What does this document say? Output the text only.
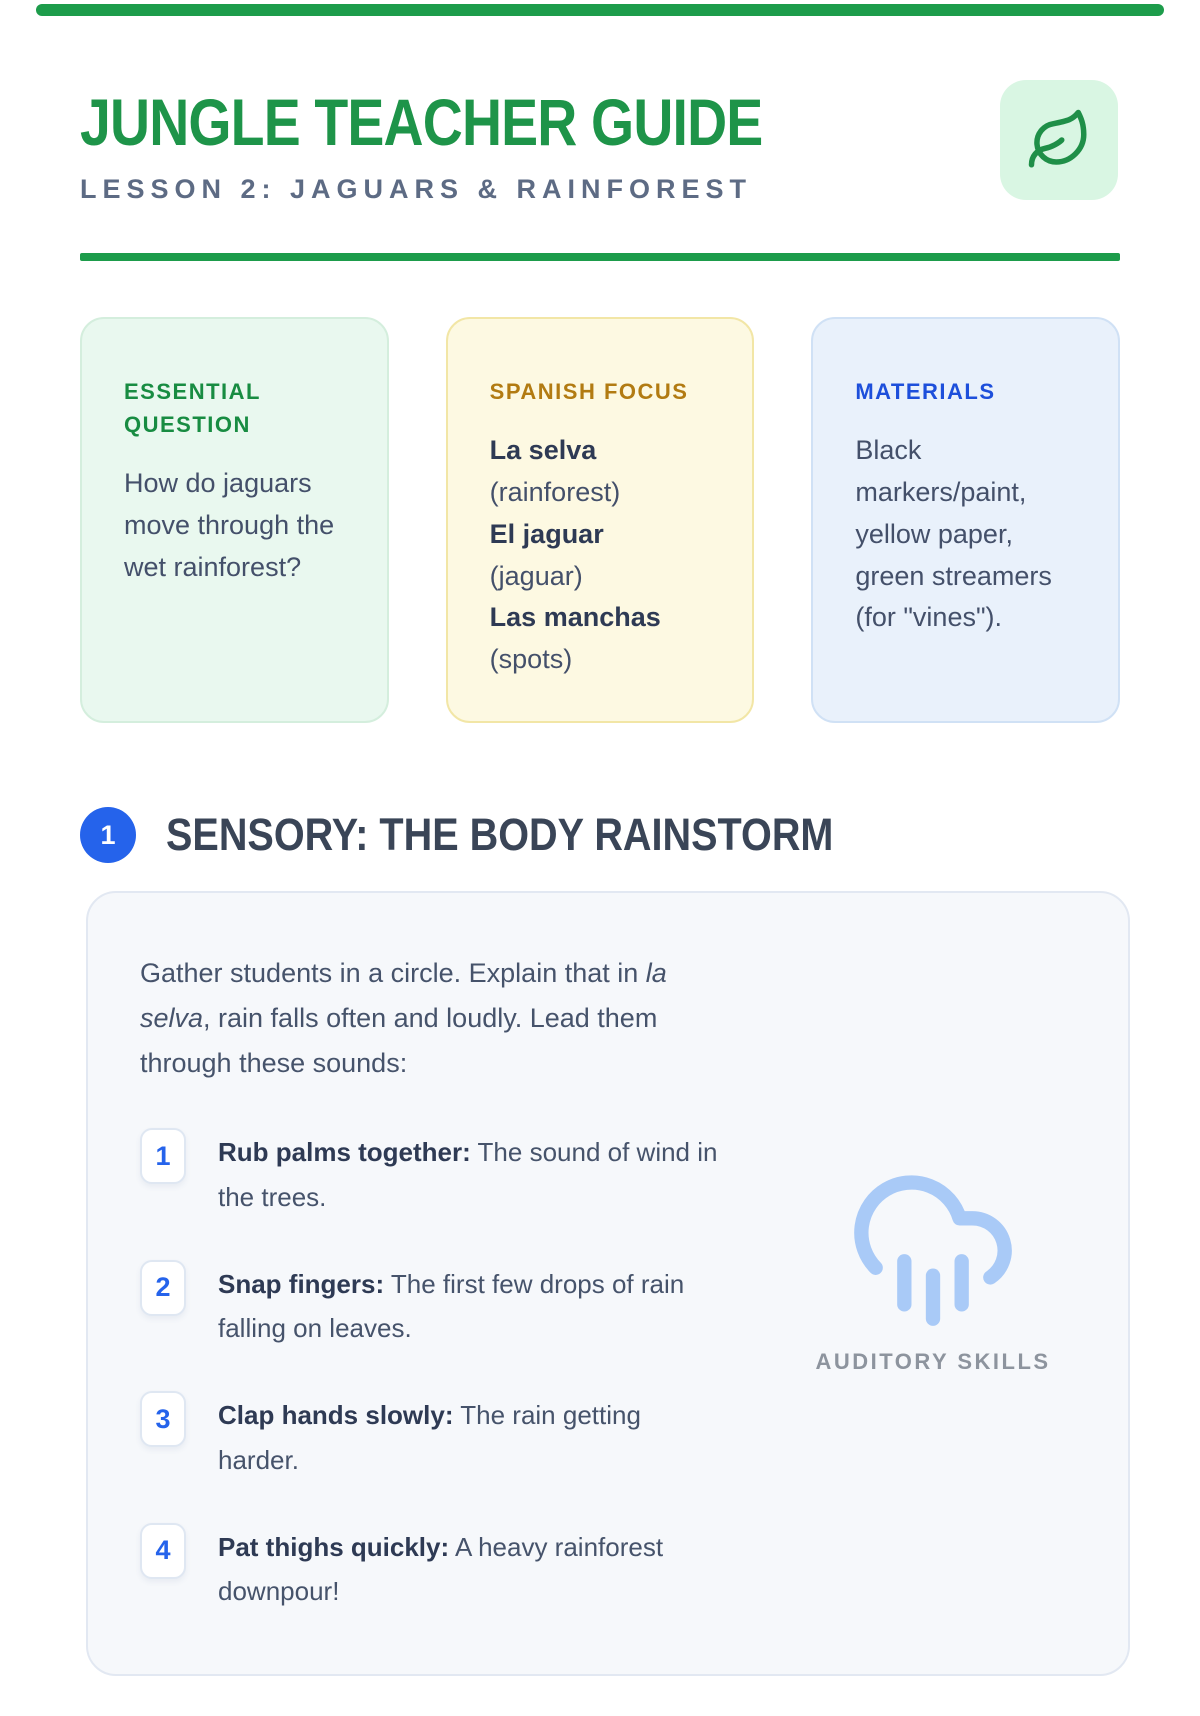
JUNGLE TEACHER GUIDE
LESSON 2: JAGUARS & RAINFOREST
ESSENTIAL QUESTION
How do jaguars move through the wet rainforest?
SPANISH FOCUS
La selva
(rainforest)
El jaguar
(jaguar)
Las manchas
(spots)
MATERIALS
Black markers/paint, yellow paper, green streamers (for "vines").
1	SENSORY: THE BODY RAINSTORM

Gather students in a circle. Explain that in la selva, rain falls often and loudly. Lead them through these sounds:

1	Rub palms together: The sound of wind in the trees.
2	Snap fingers: The first few drops of rain falling on leaves.
3	Clap hands slowly: The rain getting harder.
4	Pat thighs quickly: A heavy rainforest downpour!
AUDITORY SKILLS
